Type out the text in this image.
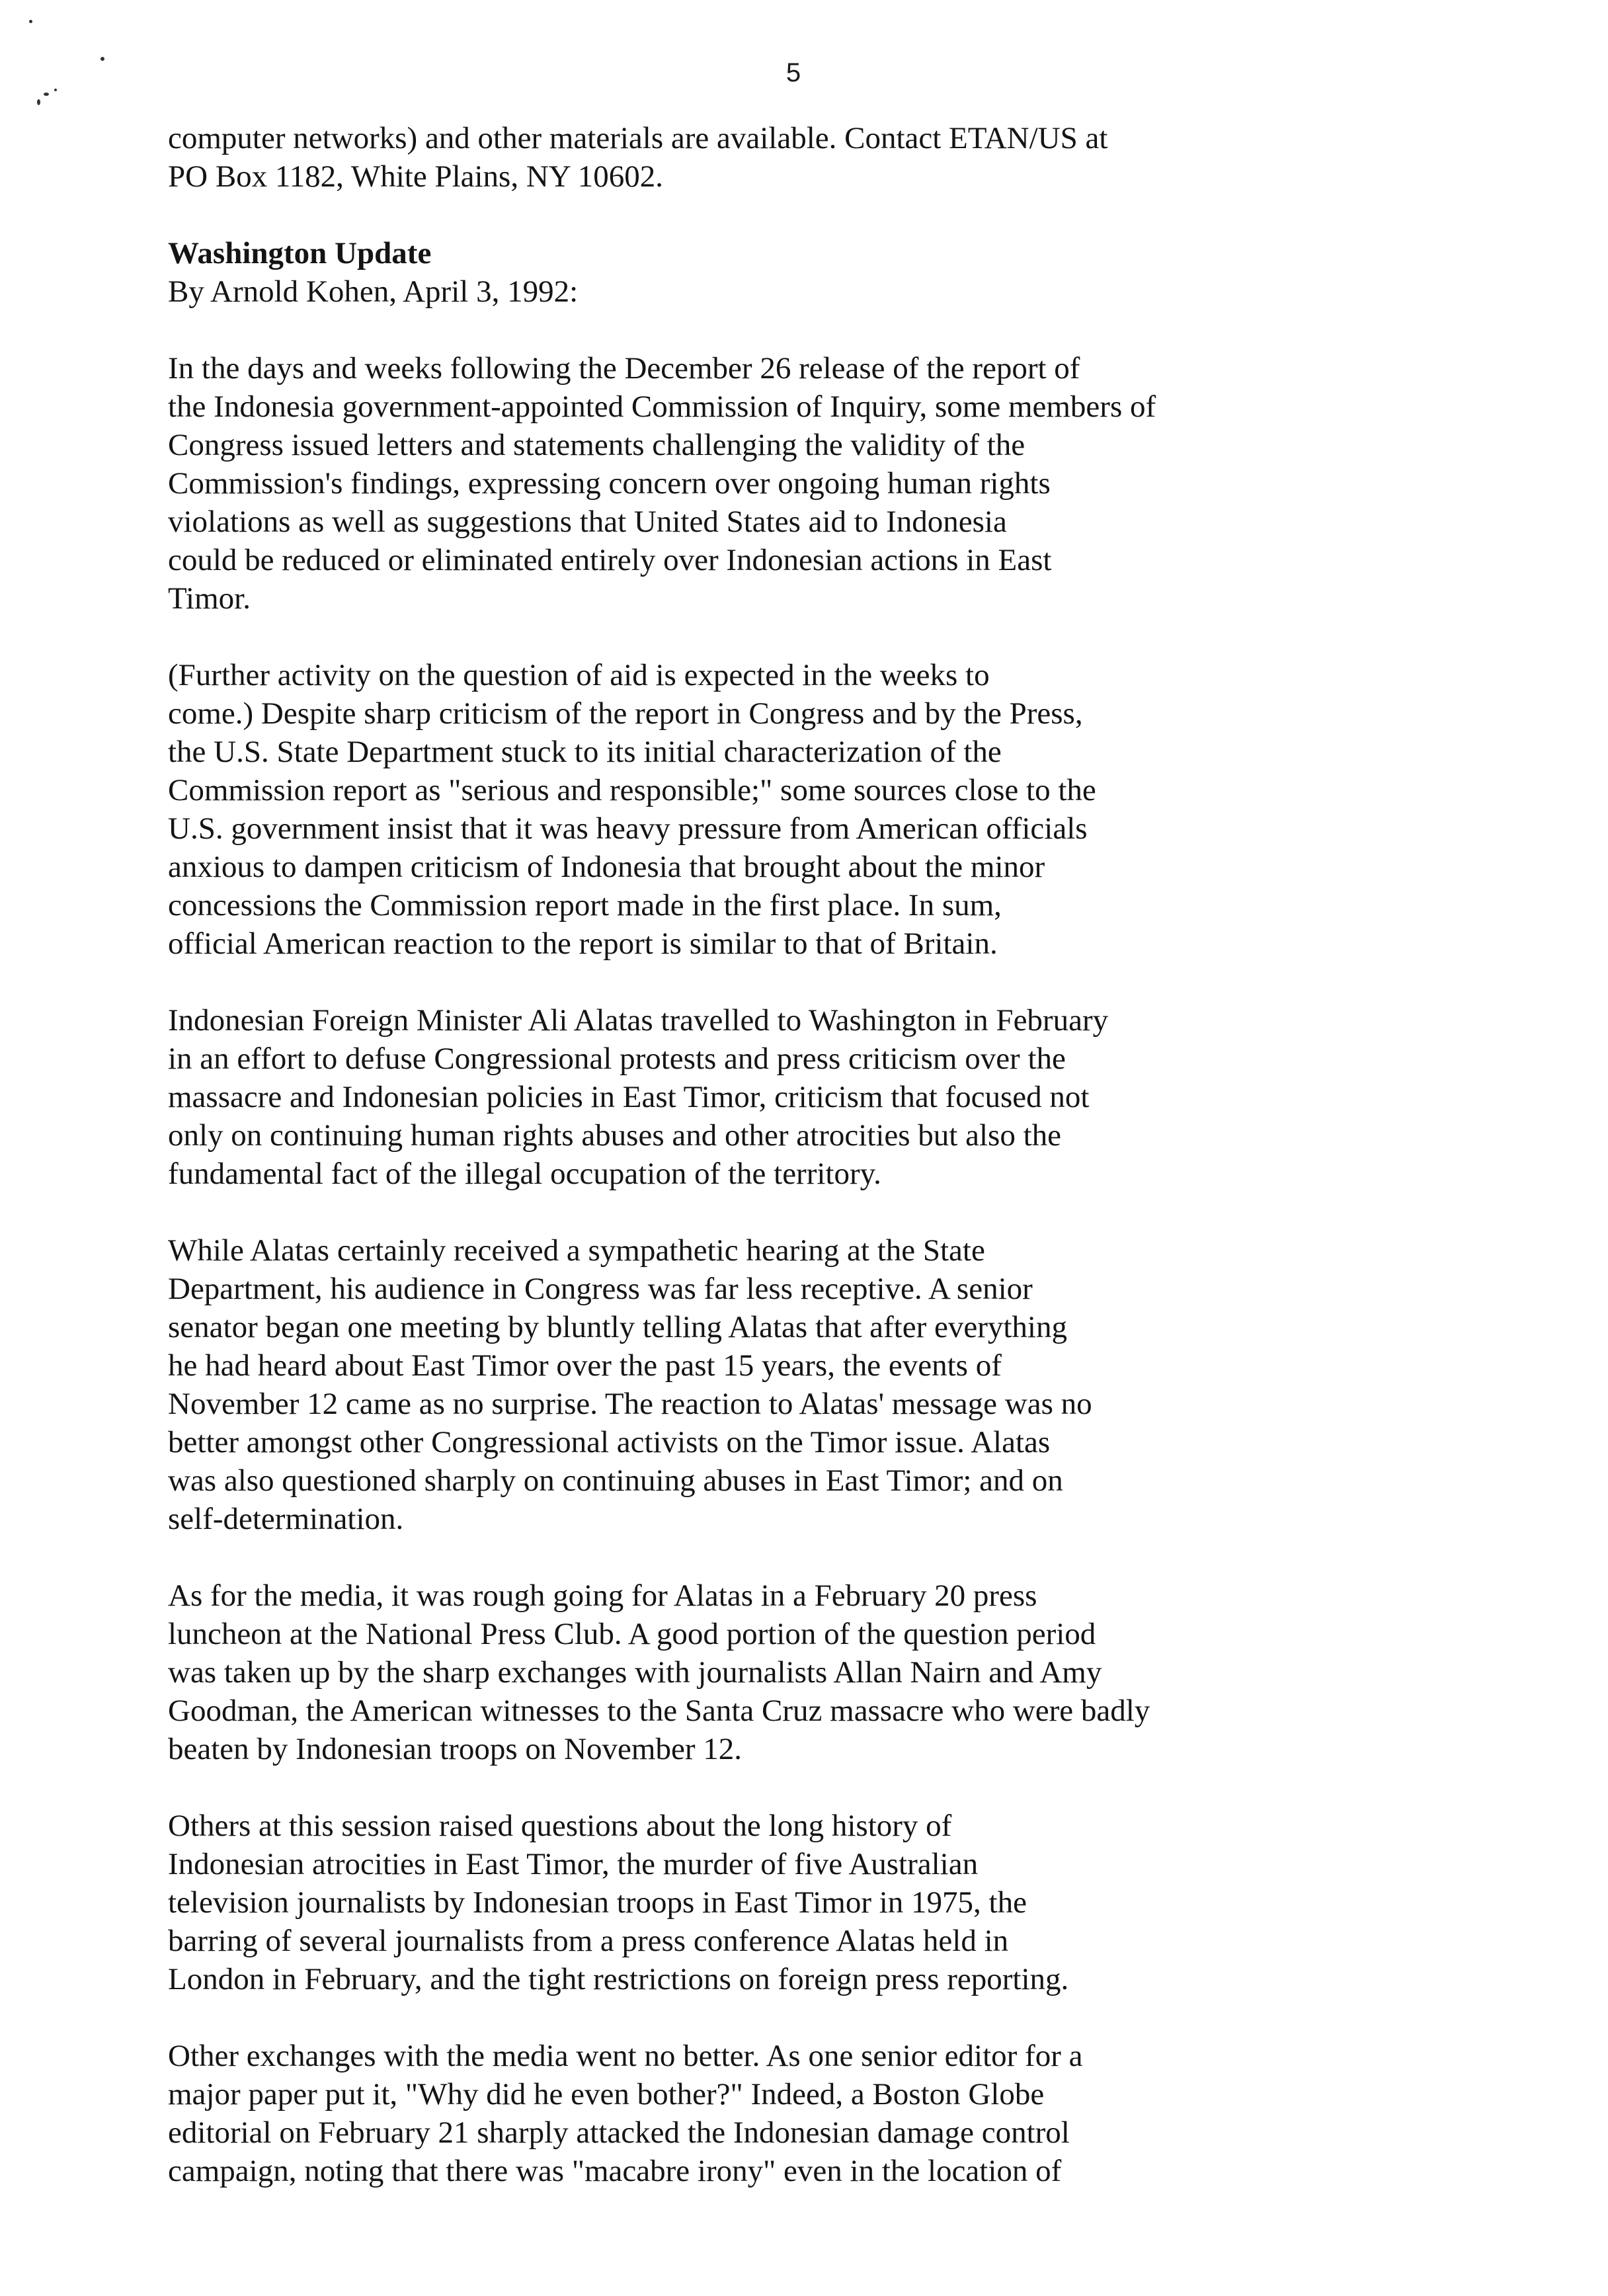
5
computer networks) and other materials are available. Contact ETAN/US at
PO Box 1182, White Plains, NY 10602.
Washington Update
By Arnold Kohen, April 3, 1992:
In the days and weeks following the December 26 release of the report of
the Indonesia government-appointed Commission of Inquiry, some members of
Congress issued letters and statements challenging the validity of the
Commission's findings, expressing concern over ongoing human rights
violations as well as suggestions that United States aid to Indonesia
could be reduced or eliminated entirely over Indonesian actions in East
Timor.
(Further activity on the question of aid is expected in the weeks to
come.) Despite sharp criticism of the report in Congress and by the Press,
the U.S. State Department stuck to its initial characterization of the
Commission report as "serious and responsible;" some sources close to the
U.S. government insist that it was heavy pressure from American officials
anxious to dampen criticism of Indonesia that brought about the minor
concessions the Commission report made in the first place. In sum,
official American reaction to the report is similar to that of Britain.
Indonesian Foreign Minister Ali Alatas travelled to Washington in February
in an effort to defuse Congressional protests and press criticism over the
massacre and Indonesian policies in East Timor, criticism that focused not
only on continuing human rights abuses and other atrocities but also the
fundamental fact of the illegal occupation of the territory.
While Alatas certainly received a sympathetic hearing at the State
Department, his audience in Congress was far less receptive. A senior
senator began one meeting by bluntly telling Alatas that after everything
he had heard about East Timor over the past 15 years, the events of
November 12 came as no surprise. The reaction to Alatas' message was no
better amongst other Congressional activists on the Timor issue. Alatas
was also questioned sharply on continuing abuses in East Timor; and on
self-determination.
As for the media, it was rough going for Alatas in a February 20 press
luncheon at the National Press Club. A good portion of the question period
was taken up by the sharp exchanges with journalists Allan Nairn and Amy
Goodman, the American witnesses to the Santa Cruz massacre who were badly
beaten by Indonesian troops on November 12.
Others at this session raised questions about the long history of
Indonesian atrocities in East Timor, the murder of five Australian
television journalists by Indonesian troops in East Timor in 1975, the
barring of several journalists from a press conference Alatas held in
London in February, and the tight restrictions on foreign press reporting.
Other exchanges with the media went no better. As one senior editor for a
major paper put it, "Why did he even bother?" Indeed, a Boston Globe
editorial on February 21 sharply attacked the Indonesian damage control
campaign, noting that there was "macabre irony" even in the location of
